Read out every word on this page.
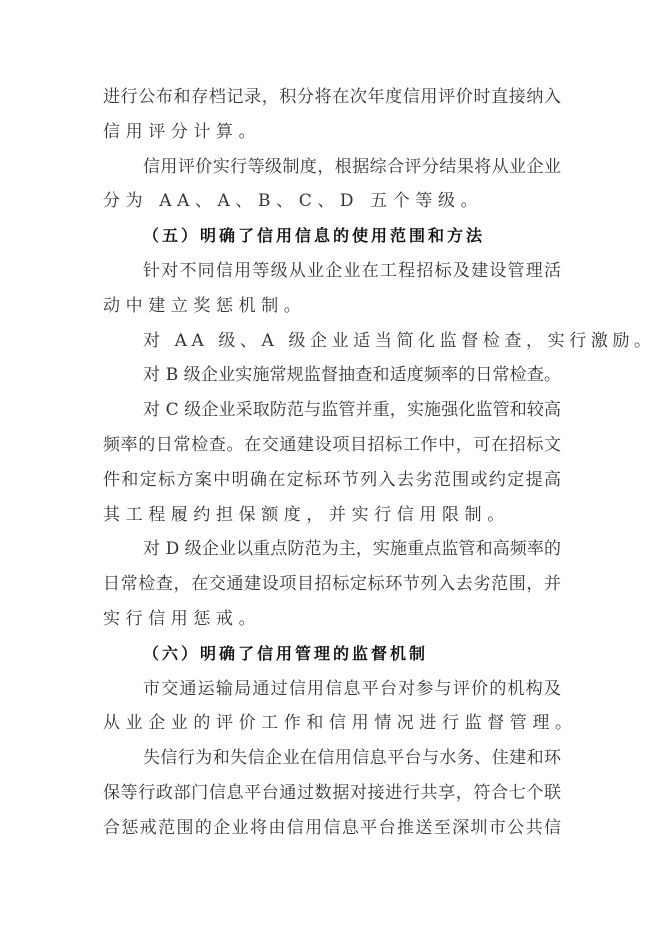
进行公布和存档记录，积分将在次年度信用评价时直接纳入
信用评分计算。
信用评价实行等级制度，根据综合评分结果将从业企业
分为 AA、A、B、C、D 五个等级。
（五）明确了信用信息的使用范围和方法
针对不同信用等级从业企业在工程招标及建设管理活
动中建立奖惩机制。
对 AA 级、A 级企业适当简化监督检查，实行激励。
对 B 级企业实施常规监督抽查和适度频率的日常检查。
对 C 级企业采取防范与监管并重，实施强化监管和较高
频率的日常检查。在交通建设项目招标工作中，可在招标文
件和定标方案中明确在定标环节列入去劣范围或约定提高
其工程履约担保额度，并实行信用限制。
对 D 级企业以重点防范为主，实施重点监管和高频率的
日常检查，在交通建设项目招标定标环节列入去劣范围，并
实行信用惩戒。
（六）明确了信用管理的监督机制
市交通运输局通过信用信息平台对参与评价的机构及
从业企业的评价工作和信用情况进行监督管理。
失信行为和失信企业在信用信息平台与水务、住建和环
保等行政部门信息平台通过数据对接进行共享，符合七个联
合惩戒范围的企业将由信用信息平台推送至深圳市公共信
